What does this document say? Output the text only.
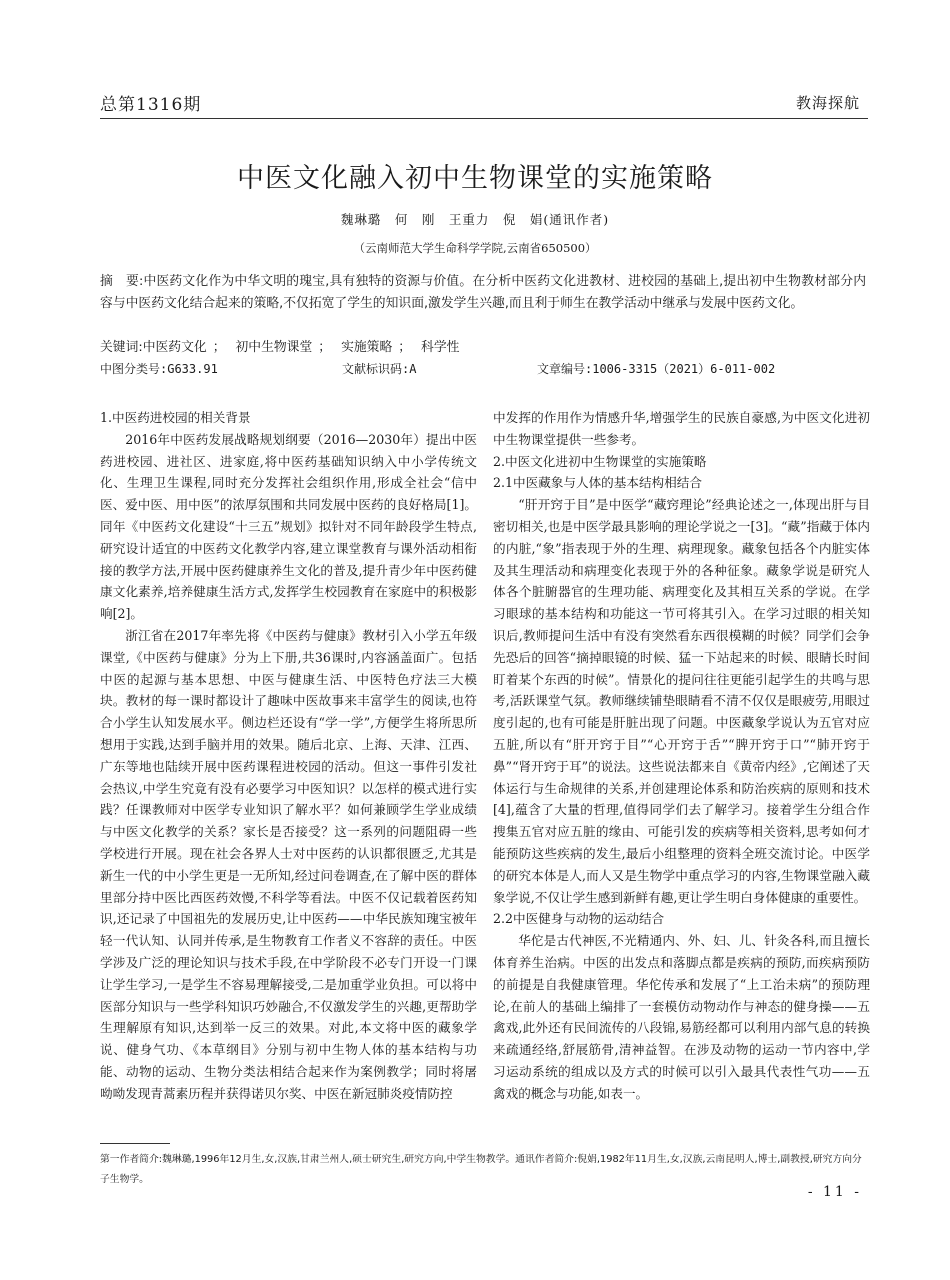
总第1316期	教海探航
中医文化融入初中生物课堂的实施策略
魏琳璐　何　刚　王重力　倪　娟(通讯作者)
（云南师范大学生命科学学院,云南省650500）
摘　要:中医药文化作为中华文明的瑰宝,具有独特的资源与价值。在分析中医药文化进教材、进校园的基础上,提出初中生物教材部分内容与中医药文化结合起来的策略,不仅拓宽了学生的知识面,激发学生兴趣,而且利于师生在教学活动中继承与发展中医药文化。
关键词:中医药文化 ； 初中生物课堂 ； 实施策略 ； 科学性
中图分类号:G633.91	文献标识码:A	文章编号:1006-3315（2021）6-011-002

1.中医药进校园的相关背景

2016年中医药发展战略规划纲要（2016—2030年）提出中医药进校园、进社区、进家庭,将中医药基础知识纳入中小学传统文化、生理卫生课程,同时充分发挥社会组织作用,形成全社会“信中医、爱中医、用中医”的浓厚氛围和共同发展中医药的良好格局[1]。同年《中医药文化建设“十三五”规划》拟针对不同年龄段学生特点,研究设计适宜的中医药文化教学内容,建立课堂教育与课外活动相衔接的教学方法,开展中医药健康养生文化的普及,提升青少年中医药健康文化素养,培养健康生活方式,发挥学生校园教育在家庭中的积极影响[2]。

浙江省在2017年率先将《中医药与健康》教材引入小学五年级课堂,《中医药与健康》分为上下册,共36课时,内容涵盖面广。包括中医的起源与基本思想、中医与健康生活、中医特色疗法三大模块。教材的每一课时都设计了趣味中医故事来丰富学生的阅读,也符合小学生认知发展水平。侧边栏还设有“学一学”,方便学生将所思所想用于实践,达到手脑并用的效果。随后北京、上海、天津、江西、广东等地也陆续开展中医药课程进校园的活动。但这一事件引发社会热议,中学生究竟有没有必要学习中医知识？以怎样的模式进行实践？任课教师对中医学专业知识了解水平？如何兼顾学生学业成绩与中医文化教学的关系？家长是否接受？这一系列的问题阻碍一些学校进行开展。现在社会各界人士对中医药的认识都很匮乏,尤其是新生一代的中小学生更是一无所知,经过问卷调查,在了解中医的群体里部分持中医比西医药效慢,不科学等看法。中医不仅记载着医药知识,还记录了中国祖先的发展历史,让中医药——中华民族知瑰宝被年轻一代认知、认同并传承,是生物教育工作者义不容辞的责任。中医学涉及广泛的理论知识与技术手段,在中学阶段不必专门开设一门课让学生学习,一是学生不容易理解接受,二是加重学业负担。可以将中医部分知识与一些学科知识巧妙融合,不仅激发学生的兴趣,更帮助学生理解原有知识,达到举一反三的效果。对此,本文将中医的藏象学说、健身气功、《本草纲目》分别与初中生物人体的基本结构与功能、动物的运动、生物分类法相结合起来作为案例教学；同时将屠呦呦发现青蒿素历程并获得诺贝尔奖、中医在新冠肺炎疫情防控

中发挥的作用作为情感升华,增强学生的民族自豪感,为中医文化进初中生物课堂提供一些参考。

2.中医文化进初中生物课堂的实施策略

2.1中医藏象与人体的基本结构相结合

“肝开窍于目”是中医学“藏窍理论”经典论述之一,体现出肝与目密切相关,也是中医学最具影响的理论学说之一[3]。“藏”指藏于体内的内脏,“象”指表现于外的生理、病理现象。藏象包括各个内脏实体及其生理活动和病理变化表现于外的各种征象。藏象学说是研究人体各个脏腑器官的生理功能、病理变化及其相互关系的学说。在学习眼球的基本结构和功能这一节可将其引入。在学习过眼的相关知识后,教师提问生活中有没有突然看东西很模糊的时候？同学们会争先恐后的回答“摘掉眼镜的时候、猛一下站起来的时候、眼睛长时间盯着某个东西的时候”。情景化的提问往往更能引起学生的共鸣与思考,活跃课堂气氛。教师继续铺垫眼睛看不清不仅仅是眼疲劳,用眼过度引起的,也有可能是肝脏出现了问题。中医藏象学说认为五官对应五脏,所以有“肝开窍于目”“心开窍于舌”“脾开窍于口”“肺开窍于鼻”“肾开窍于耳”的说法。这些说法都来自《黄帝内经》,它阐述了天体运行与生命规律的关系,并创建理论体系和防治疾病的原则和技术[4],蕴含了大量的哲理,值得同学们去了解学习。接着学生分组合作搜集五官对应五脏的缘由、可能引发的疾病等相关资料,思考如何才能预防这些疾病的发生,最后小组整理的资料全班交流讨论。中医学的研究本体是人,而人又是生物学中重点学习的内容,生物课堂融入藏象学说,不仅让学生感到新鲜有趣,更让学生明白身体健康的重要性。

2.2中医健身与动物的运动结合

华佗是古代神医,不光精通内、外、妇、儿、针灸各科,而且擅长体育养生治病。中医的出发点和落脚点都是疾病的预防,而疾病预防的前提是自我健康管理。华佗传承和发展了“上工治未病”的预防理论,在前人的基础上编排了一套模仿动物动作与神态的健身操——五禽戏,此外还有民间流传的八段锦,易筋经都可以利用内部气息的转换来疏通经络,舒展筋骨,清神益智。在涉及动物的运动一节内容中,学习运动系统的组成以及方式的时候可以引入最具代表性气功——五禽戏的概念与功能,如表一。

第一作者简介:魏琳璐,1996年12月生,女,汉族,甘肃兰州人,硕士研究生,研究方向,中学生物教学。通讯作者简介:倪娟,1982年11月生,女,汉族,云南昆明人,博士,副教授,研究方向分子生物学。
- 11 -
